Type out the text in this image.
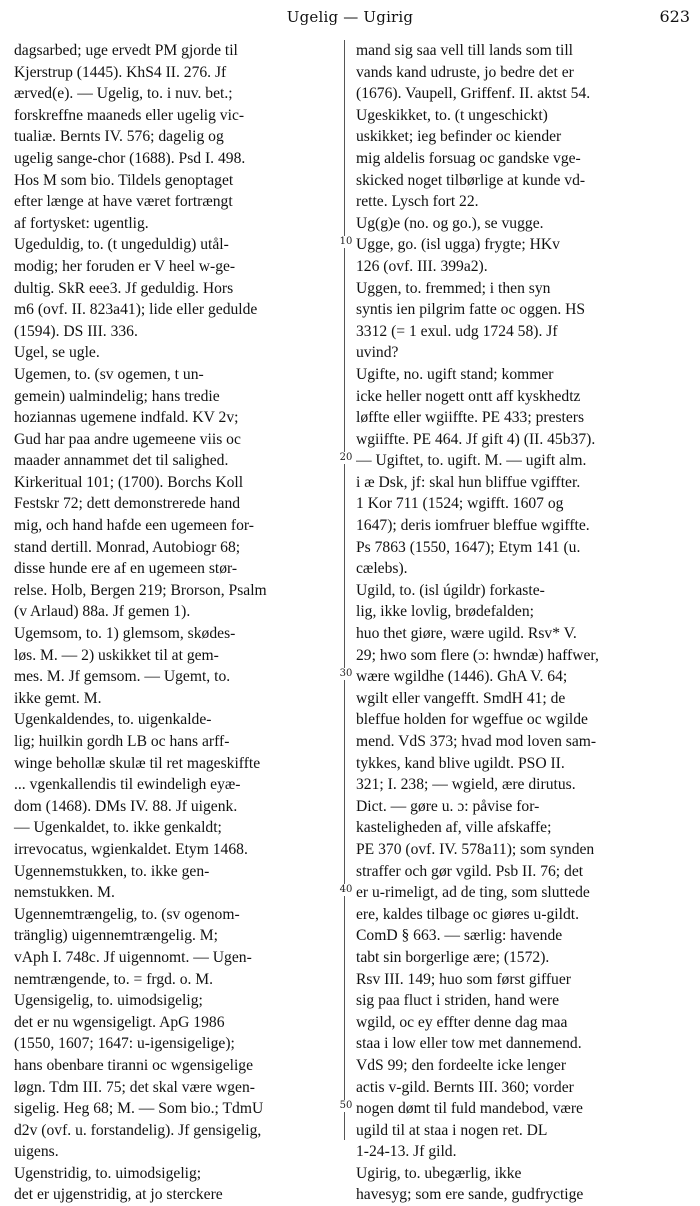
Ugelig — Ugirig	623
dagsarbed; uge ervedt PM gjorde til
Kjerstrup (1445). KhS4 II. 276. Jf
ærved(e). — Ugelig, to. i nuv. bet.;
forskreffne maaneds eller ugelig vic-
tualiæ. Bernts IV. 576; dagelig og
ugelig sange-chor (1688). Psd I. 498.
Hos M som bio. Tildels genoptaget
efter længe at have været fortrængt
af fortysket: ugentlig.
Ugeduldig, to. (t ungeduldig) utål-
modig; her foruden er V heel w-ge-
dultig. SkR eee3. Jf geduldig. Hors
m6 (ovf. II. 823a41); lide eller gedulde
(1594). DS III. 336.
Ugel, se ugle.
Ugemen, to. (sv ogemen, t un-
gemein) ualmindelig; hans tredie
hoziannas ugemene indfald. KV 2v;
Gud har paa andre ugemeene viis oc
maader annammet det til salighed.
Kirkeritual 101; (1700). Borchs Koll
Festskr 72; dett demonstrerede hand
mig, och hand hafde een ugemeen for-
stand dertill. Monrad, Autobiogr 68;
disse hunde ere af en ugemeen stør-
relse. Holb, Bergen 219; Brorson, Psalm
(v Arlaud) 88a. Jf gemen 1).
Ugemsom, to. 1) glemsom, skødes-
løs. M. — 2) uskikket til at gem-
mes. M. Jf gemsom. — Ugemt, to.
ikke gemt. M.
Ugenkaldendes, to. uigenkalde-
lig; huilkin gordh LB oc hans arff-
winge behollæ skulæ til ret mageskiffte
... vgenkallendis til ewindeligh eyæ-
dom (1468). DMs IV. 88. Jf uigenk.
— Ugenkaldet, to. ikke genkaldt;
irrevocatus, wgienkaldet. Etym 1468.
Ugennemstukken, to. ikke gen-
nemstukken. M.
Ugennemtrængelig, to. (sv ogenom-
tränglig) uigennemtrængelig. M;
vAph I. 748c. Jf uigennomt. — Ugen-
nemtrængende, to. = frgd. o. M.
Ugensigelig, to. uimodsigelig;
det er nu wgensigeligt. ApG 1986
(1550, 1607; 1647: u-igensigelige);
hans obenbare tiranni oc wgensigelige
løgn. Tdm III. 75; det skal være wgen-
sigelig. Heg 68; M. — Som bio.; TdmU
d2v (ovf. u. forstandelig). Jf gensigelig,
uigens.
Ugenstridig, to. uimodsigelig;
det er ujgenstridig, at jo sterckere
mand sig saa vell till lands som till
vands kand udruste, jo bedre det er
(1676). Vaupell, Griffenf. II. aktst 54.
Ugeskikket, to. (t ungeschickt)
uskikket; ieg befinder oc kiender
mig aldelis forsuag oc gandske vge-
skicked noget tilbørlige at kunde vd-
rette. Lysch fort 22.
Ug(g)e (no. og go.), se vugge.
Ugge, go. (isl ugga) frygte; HKv
126 (ovf. III. 399a2).
Uggen, to. fremmed; i then syn
syntis ien pilgrim fatte oc oggen. HS
3312 (= 1 exul. udg 1724 58). Jf
uvind?
Ugifte, no. ugift stand; kommer
icke heller nogett ontt aff kyskhedtz
løffte eller wgiiffte. PE 433; presters
wgiiffte. PE 464. Jf gift 4) (II. 45b37).
— Ugiftet, to. ugift. M. — ugift alm.
i æ Dsk, jf: skal hun bliffue vgiffter.
1 Kor 711 (1524; wgifft. 1607 og
1647); deris iomfruer bleffue wgiffte.
Ps 7863 (1550, 1647); Etym 141 (u.
cælebs).
Ugild, to. (isl úgildr) forkaste-
lig, ikke lovlig, brødefalden;
huo thet giøre, wære ugild. Rsv* V.
29; hwo som flere (ɔ: hwndæ) haffwer,
wære wgildhe (1446). GhA V. 64;
wgilt eller vangefft. SmdH 41; de
bleffue holden for wgeffue oc wgilde
mend. VdS 373; hvad mod loven sam-
tykkes, kand blive ugildt. PSO II.
321; I. 238; — wgield, ære dirutus.
Dict. — gøre u. ɔ: påvise for-
kasteligheden af, ville afskaffe;
PE 370 (ovf. IV. 578a11); som synden
straffer och gør vgild. Psb II. 76; det
er u-rimeligt, ad de ting, som sluttede
ere, kaldes tilbage oc giøres u-gildt.
ComD § 663. — særlig: havende
tabt sin borgerlige ære; (1572).
Rsv III. 149; huo som først giffuer
sig paa fluct i striden, hand were
wgild, oc ey effter denne dag maa
staa i low eller tow met dannemend.
VdS 99; den fordeelte icke lenger
actis v-gild. Bernts III. 360; vorder
nogen dømt til fuld mandebod, være
ugild til at staa i nogen ret. DL
1-24-13. Jf gild.
Ugirig, to. ubegærlig, ikke
havesyg; som ere sande, gudfryctige
10
20
30
40
50
